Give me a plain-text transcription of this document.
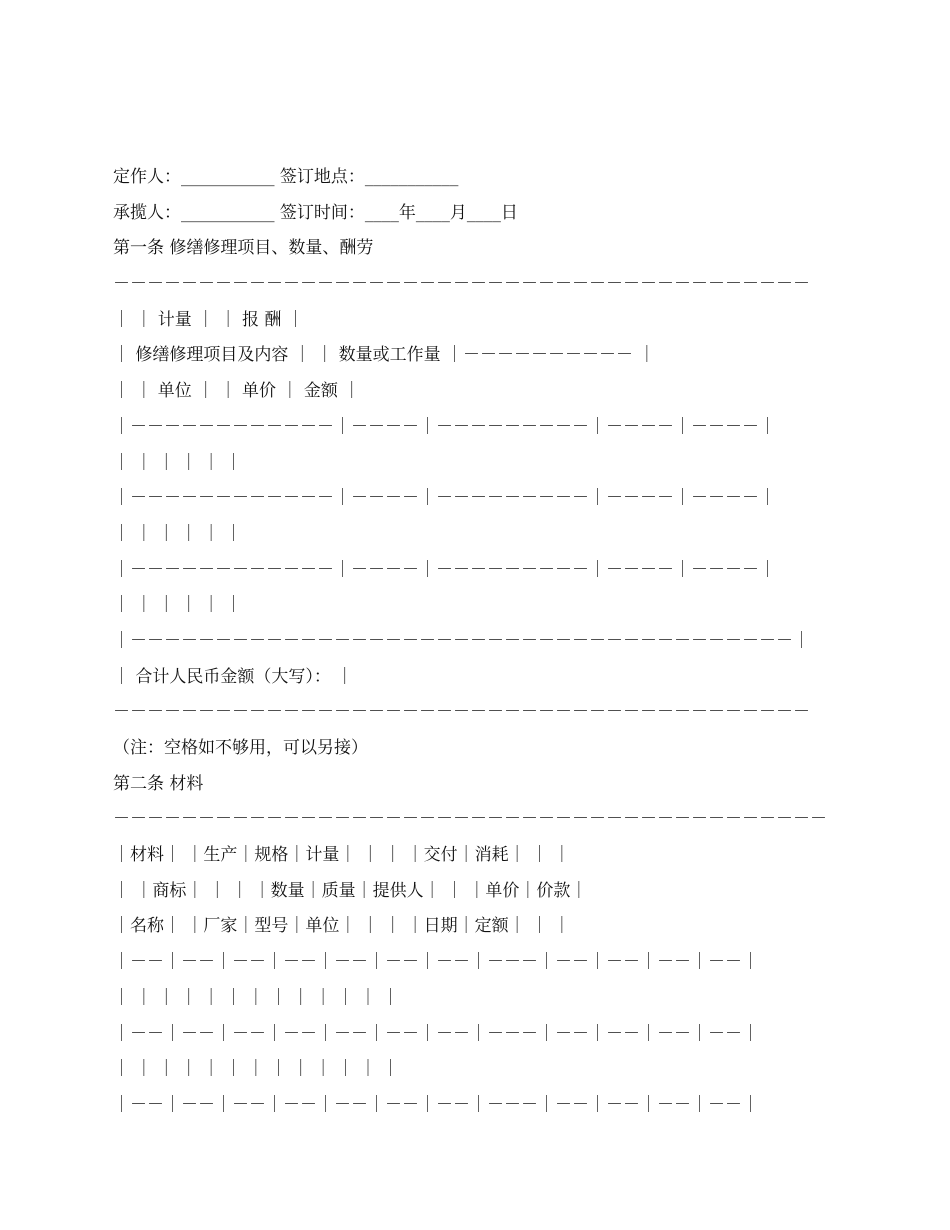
定作人：___________ 签订地点：___________
承揽人：___________ 签订时间：____年____月____日
第一条 修缮修理项目、数量、酬劳
－－－－－－－－－－－－－－－－－－－－－－－－－－－－－－－－－－－－－－－－－
｜ ｜ 计量 ｜ ｜ 报 酬 ｜
｜ 修缮修理项目及内容 ｜ ｜ 数量或工作量 ｜－－－－－－－－－－ ｜
｜ ｜ 单位 ｜ ｜ 单价 ｜ 金额 ｜
｜－－－－－－－－－－－－｜－－－－｜－－－－－－－－－｜－－－－｜－－－－｜
｜ ｜ ｜ ｜ ｜ ｜
｜－－－－－－－－－－－－｜－－－－｜－－－－－－－－－｜－－－－｜－－－－｜
｜ ｜ ｜ ｜ ｜ ｜
｜－－－－－－－－－－－－｜－－－－｜－－－－－－－－－｜－－－－｜－－－－｜
｜ ｜ ｜ ｜ ｜ ｜
｜－－－－－－－－－－－－－－－－－－－－－－－－－－－－－－－－－－－－－－－｜
｜ 合计人民币金额（大写）： ｜
－－－－－－－－－－－－－－－－－－－－－－－－－－－－－－－－－－－－－－－－－
（注：空格如不够用，可以另接）
第二条 材料
－－－－－－－－－－－－－－－－－－－－－－－－－－－－－－－－－－－－－－－－－－
｜材料｜ ｜生产｜规格｜计量｜ ｜ ｜ ｜交付｜消耗｜ ｜ ｜
｜ ｜商标｜ ｜ ｜ ｜数量｜质量｜提供人｜ ｜ ｜单价｜价款｜
｜名称｜ ｜厂家｜型号｜单位｜ ｜ ｜ ｜日期｜定额｜ ｜ ｜
｜－－｜－－｜－－｜－－｜－－｜－－｜－－｜－－－｜－－｜－－｜－－｜－－｜
｜ ｜ ｜ ｜ ｜ ｜ ｜ ｜ ｜ ｜ ｜ ｜ ｜
｜－－｜－－｜－－｜－－｜－－｜－－｜－－｜－－－｜－－｜－－｜－－｜－－｜
｜ ｜ ｜ ｜ ｜ ｜ ｜ ｜ ｜ ｜ ｜ ｜ ｜
｜－－｜－－｜－－｜－－｜－－｜－－｜－－｜－－－｜－－｜－－｜－－｜－－｜
